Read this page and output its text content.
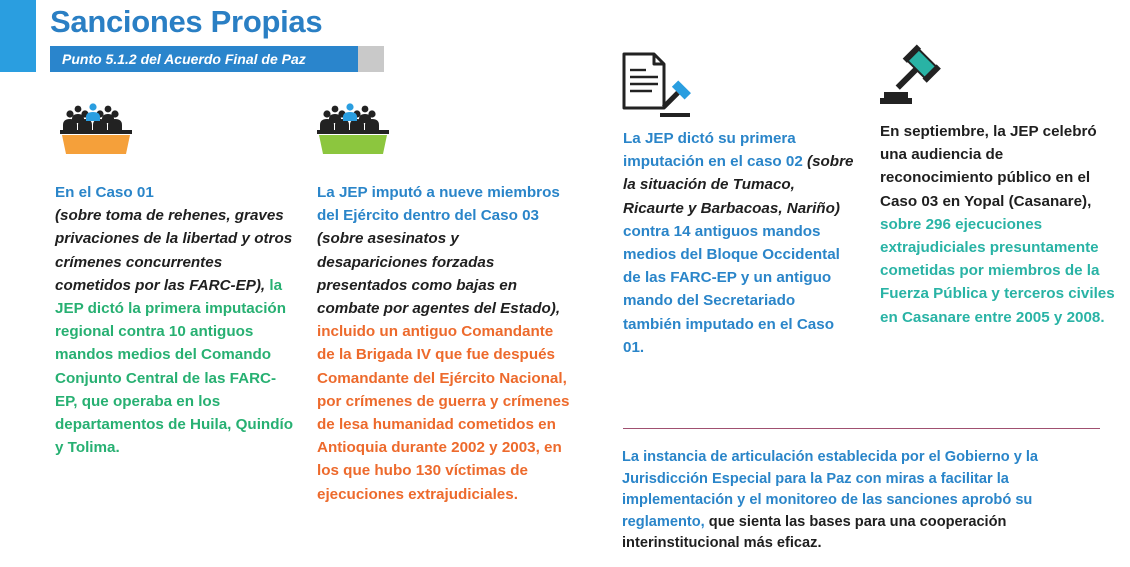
Sanciones Propias
Punto 5.1.2 del Acuerdo Final de Paz
En el Caso 01
(sobre toma de rehenes, graves privaciones de la libertad y otros crímenes concurrentes cometidos por las FARC-EP), la JEP dictó la primera imputación regional contra 10 antiguos mandos medios del Comando Conjunto Central de las FARC-EP, que operaba en los departamentos de Huila, Quindío y Tolima.
La JEP imputó a nueve miembros del Ejército dentro del Caso 03 (sobre asesinatos y desapariciones forzadas presentados como bajas en combate por agentes del Estado), incluido un antiguo Comandante de la Brigada IV que fue después Comandante del Ejército Nacional, por crímenes de guerra y crímenes de lesa humanidad cometidos en Antioquia durante 2002 y 2003, en los que hubo 130 víctimas de ejecuciones extrajudiciales.
La JEP dictó su primera imputación en el caso 02 (sobre la situación de Tumaco, Ricaurte y Barbacoas, Nariño) contra 14 antiguos mandos medios del Bloque Occidental de las FARC-EP y un antiguo mando del Secretariado también imputado en el Caso 01.
En septiembre, la JEP celebró una audiencia de reconocimiento público en el Caso 03 en Yopal (Casanare), sobre 296 ejecuciones extrajudiciales presuntamente cometidas por miembros de la Fuerza Pública y terceros civiles en Casanare entre 2005 y 2008.
La instancia de articulación establecida por el Gobierno y la Jurisdicción Especial para la Paz con miras a facilitar la implementación y el monitoreo de las sanciones aprobó su reglamento, que sienta las bases para una cooperación interinstitucional más eficaz.
